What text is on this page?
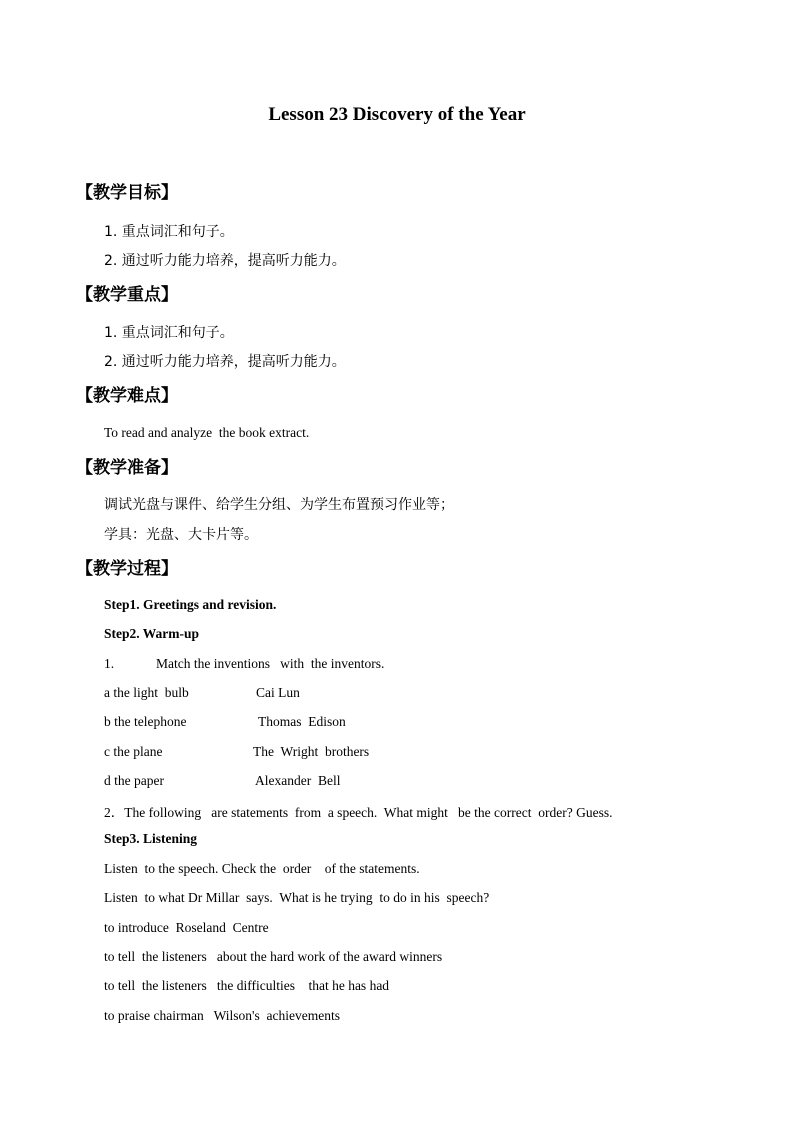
Lesson 23 Discovery of the Year
【教学目标】
1. 重点词汇和句子。
2. 通过听力能力培养，提高听力能力。
【教学重点】
1. 重点词汇和句子。
2. 通过听力能力培养，提高听力能力。
【教学难点】
To read and analyze  the book extract.
【教学准备】
调试光盘与课件、给学生分组、为学生布置预习作业等；
学具：光盘、大卡片等。
【教学过程】
Step1. Greetings and revision.
Step2. Warm-up
1.	Match the inventions   with  the inventors.
a the light  bulb	Cai Lun
b the telephone	Thomas  Edison
c the plane	The  Wright  brothers
d the paper	Alexander  Bell
2．The following   are statements  from  a speech.  What might   be the correct  order? Guess.
Step3. Listening
Listen  to the speech. Check the  order    of the statements.
Listen  to what Dr Millar  says.  What is he trying  to do in his  speech?
to introduce  Roseland  Centre
to tell  the listeners   about the hard work of the award winners
to tell  the listeners   the difficulties    that he has had
to praise chairman   Wilson's  achievements
